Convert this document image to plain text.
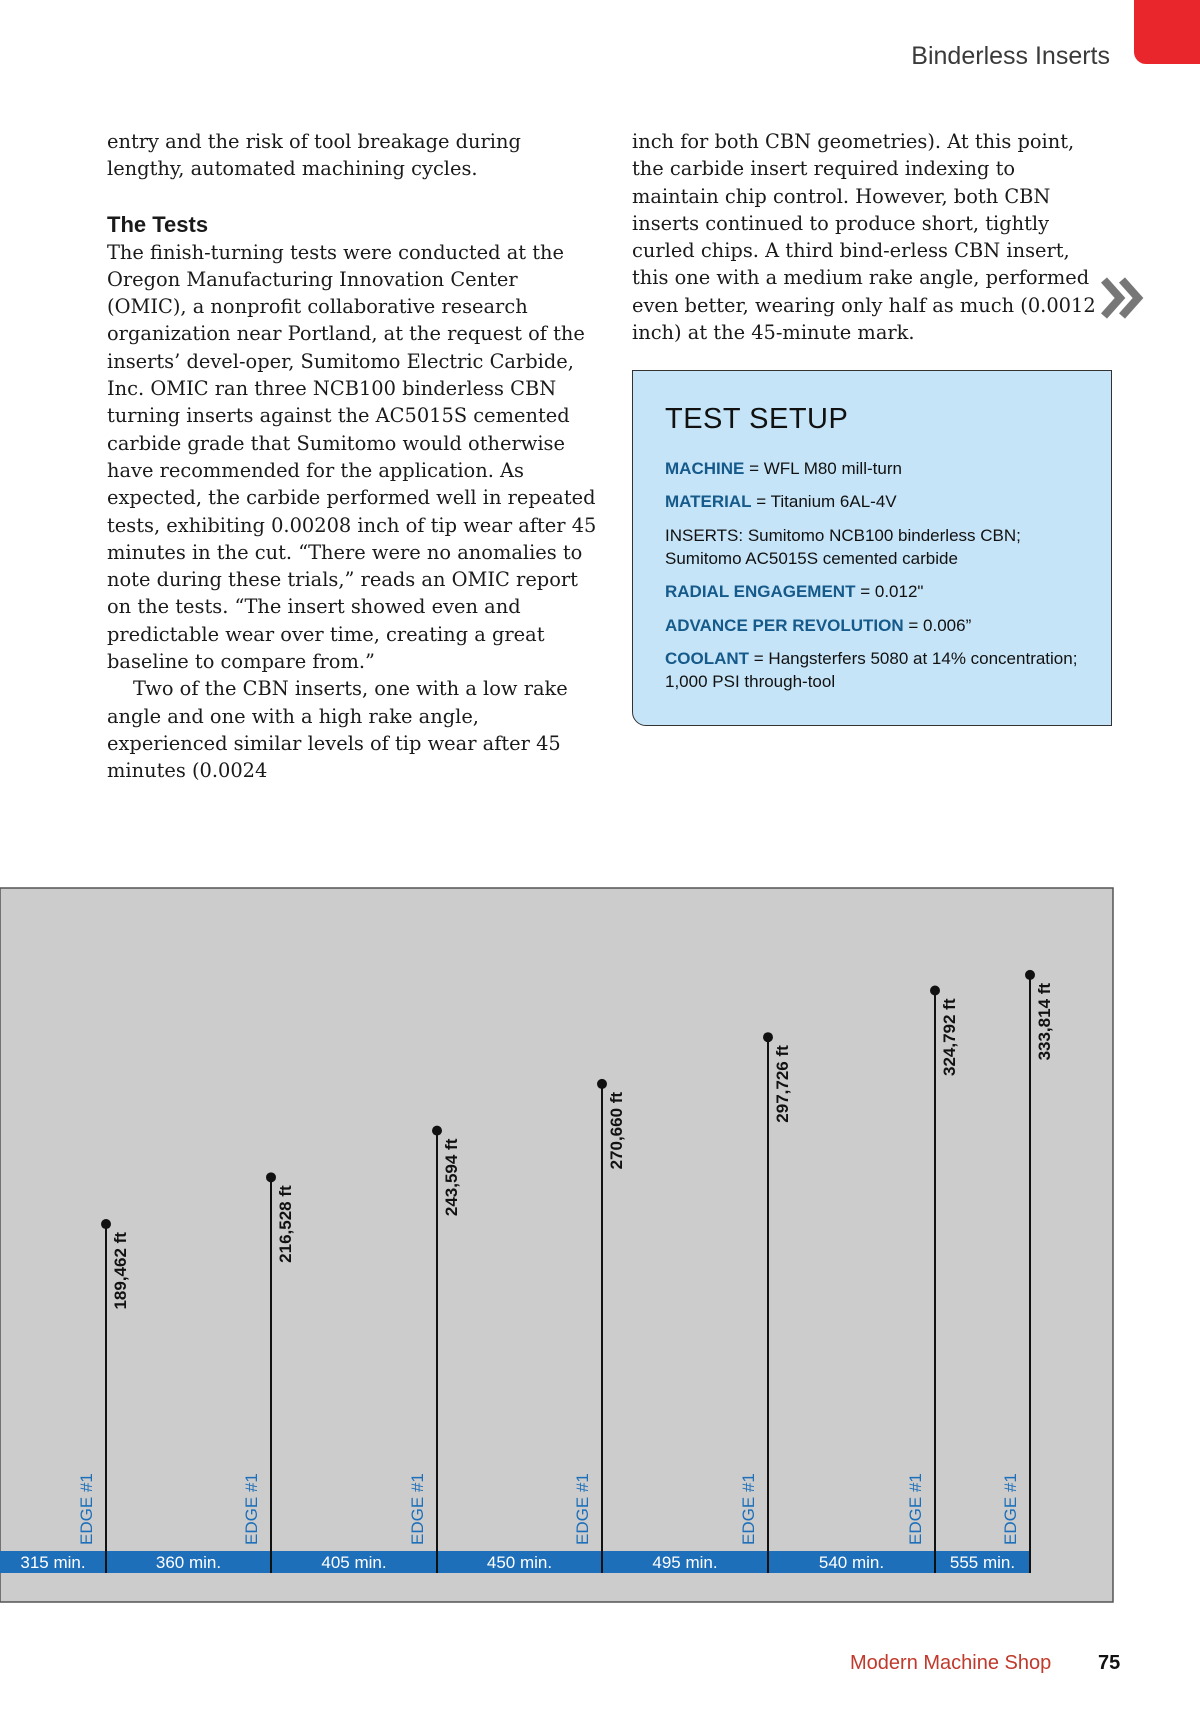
Binderless Inserts

entry and the risk of tool breakage during lengthy, automated machining cycles.

The Tests

The finish-turning tests were conducted at the Oregon Manufacturing Innovation Center (OMIC), a nonprofit collaborative research organization near Portland, at the request of the inserts’ devel-oper, Sumitomo Electric Carbide, Inc. OMIC ran three NCB100 binderless CBN turning inserts against the AC5015S cemented carbide grade that Sumitomo would otherwise have recommended for the application. As expected, the carbide performed well in repeated tests, exhibiting 0.00208 inch of tip wear after 45 minutes in the cut. “There were no anomalies to note during these trials,” reads an OMIC report on the tests. “The insert showed even and predictable wear over time, creating a great baseline to compare from.”

Two of the CBN inserts, one with a low rake angle and one with a high rake angle, experienced similar levels of tip wear after 45 minutes (0.0024

inch for both CBN geometries). At this point, the carbide insert required indexing to maintain chip control. However, both CBN inserts continued to produce short, tightly curled chips. A third bind-erless CBN insert, this one with a medium rake angle, performed even better, wearing only half as much (0.0012 inch) at the 45-minute mark.

TEST SETUP
MACHINE = WFL M80 mill-turn
MATERIAL = Titanium 6AL-4V
INSERTS: Sumitomo NCB100 binderless CBN; Sumitomo AC5015S cemented carbide
RADIAL ENGAGEMENT = 0.012"
ADVANCE PER REVOLUTION = 0.006”
COOLANT = Hangsterfers 5080 at 14% concentration; 1,000 PSI through-tool
189,462 ft
EDGE #1
315 min.
216,528 ft
EDGE #1
360 min.
243,594 ft
EDGE #1
405 min.
270,660 ft
EDGE #1
450 min.
297,726 ft
EDGE #1
495 min.
324,792 ft
EDGE #1
540 min.
333,814 ft
EDGE #1
555 min.
Modern Machine Shop 75
